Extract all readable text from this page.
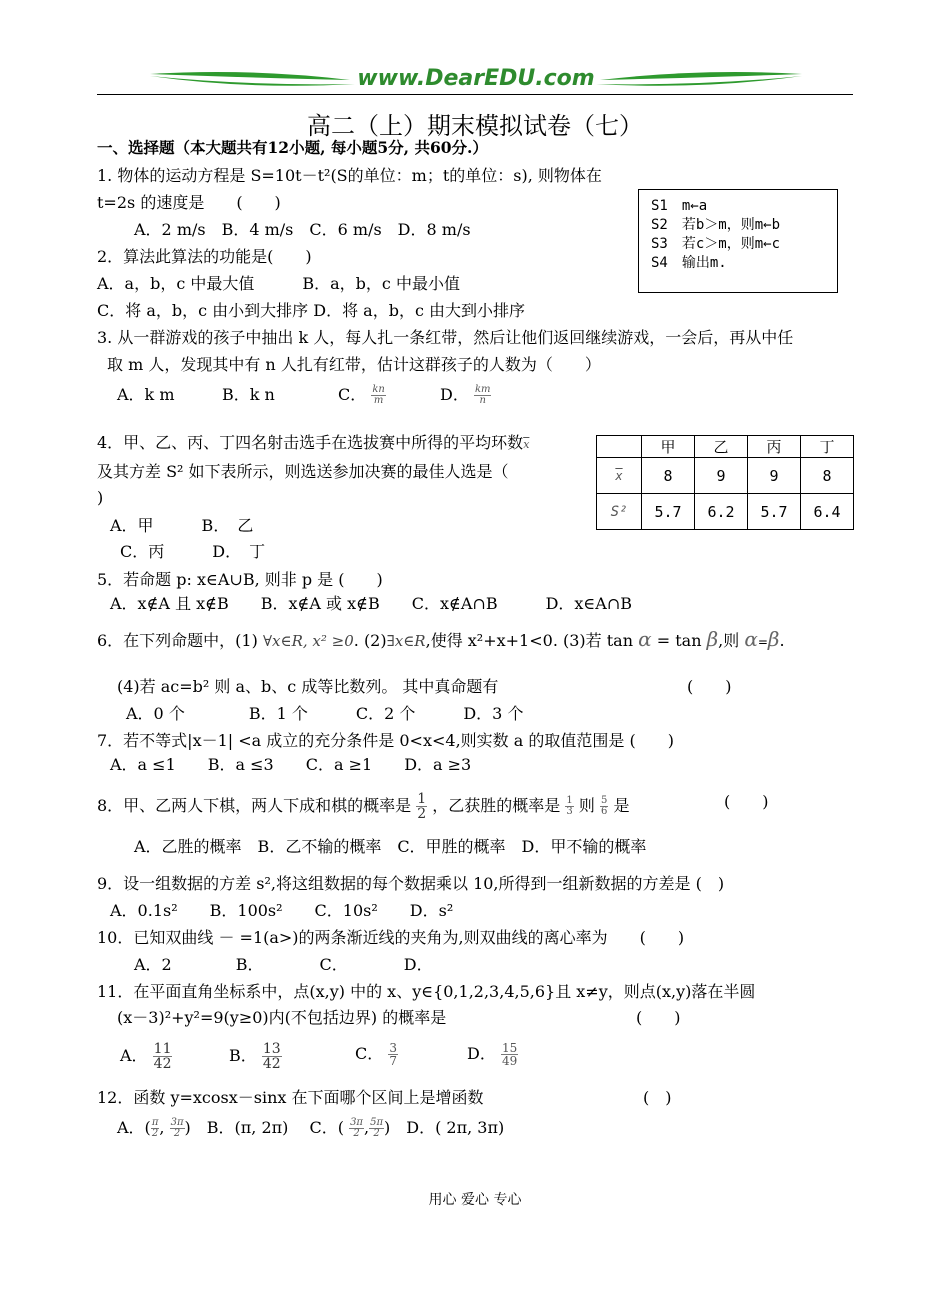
www.DearEDU.com
高二（上）期末模拟试卷（七）
一、选择题（本大题共有12小题, 每小题5分, 共60分.）
1. 物体的运动方程是 S=10t－t²(S的单位：m；t的单位：s), 则物体在
t=2s 的速度是　　(　　)
A．2 m/s　B．4 m/s　C．6 m/s　D．8 m/s
S1　m←a
S2　若b＞m，则m←b
S3　若c＞m，则m←c
S4　输出m.
2．算法此算法的功能是(　　)
A．a，b，c 中最大值　　　B．a，b，c 中最小值
C．将 a，b，c 由小到大排序 D．将 a，b，c 由大到小排序
3. 从一群游戏的孩子中抽出 k 人，每人扎一条红带，然后让他们返回继续游戏，一会后，再从中任
取 m 人，发现其中有 n 人扎有红带，估计这群孩子的人数为（　　）
A．k m	B．k n	C． $\frac{kn}{m}$	D． $\frac{km}{n}$
4．甲、乙、丙、丁四名射击选手在选拔赛中所得的平均环数$\overline{x}$
及其方差 S² 如下表所示，则选送参加决赛的最佳人选是（
)
A．甲　　　B．　乙
C．丙　　　D．　丁
	甲	乙	丙	丁
$\overline{x}$	8	9	9	8
S²	5.7	6.2	5.7	6.4
5．若命题 p: x∈A∪B, 则非 p 是 (　　)
A．x∉A 且 x∉B　　B．x∉A 或 x∉B　　C．x∉A∩B　　　D．x∈A∩B
6．在下列命题中，(1) ∀x∈R, x² ≥0. (2)∃x∈R,使得 x²+x+1<0. (3)若 tan α = tan β,则 α=β.
(4)若 ac=b² 则 a、b、c 成等比数列。 其中真命题有	(　　)
A．0 个　　　　B．1 个　　　C．2 个　　　D．3 个
7．若不等式|x－1| <a 成立的充分条件是 0<x<4,则实数 a 的取值范围是 (　　)
A．a ≤1　　B．a ≤3　　C．a ≥1　　D．a ≥3
8．甲、乙两人下棋，两人下成和棋的概率是 $\frac{1}{2}$ ，乙获胜的概率是 $\frac{1}{3}$ 则 $\frac{5}{6}$ 是	(　　)
A．乙胜的概率　B．乙不输的概率　C．甲胜的概率　D．甲不输的概率
9．设一组数据的方差 s²,将这组数据的每个数据乘以 10,所得到一组新数据的方差是 (　)
A．0.1s²　　B．100s²　　C．10s²　　D．s²
10．已知双曲线 － =1(a>)的两条渐近线的夹角为,则双曲线的离心率为　　(　　)
A．2　　　　B．　　　　C．　　　　D．
11．在平面直角坐标系中，点(x,y) 中的 x、y∈{0,1,2,3,4,5,6}且 x≠y，则点(x,y)落在半圆
(x－3)²+y²=9(y≥0)内(不包括边界) 的概率是	(　　)
A． $\frac{11}{42}$	B． $\frac{13}{42}$	C． $\frac{3}{7}$	D． $\frac{15}{49}$
12．函数 y=xcosx－sinx 在下面哪个区间上是增函数	(　)
A．( $\frac{\pi}{2}$ , $\frac{3\pi}{2}$ )　B．(π, 2π)　 C．( $\frac{3\pi}{2}$ , $\frac{5\pi}{2}$ )　D．( 2π, 3π)
用心 爱心 专心
